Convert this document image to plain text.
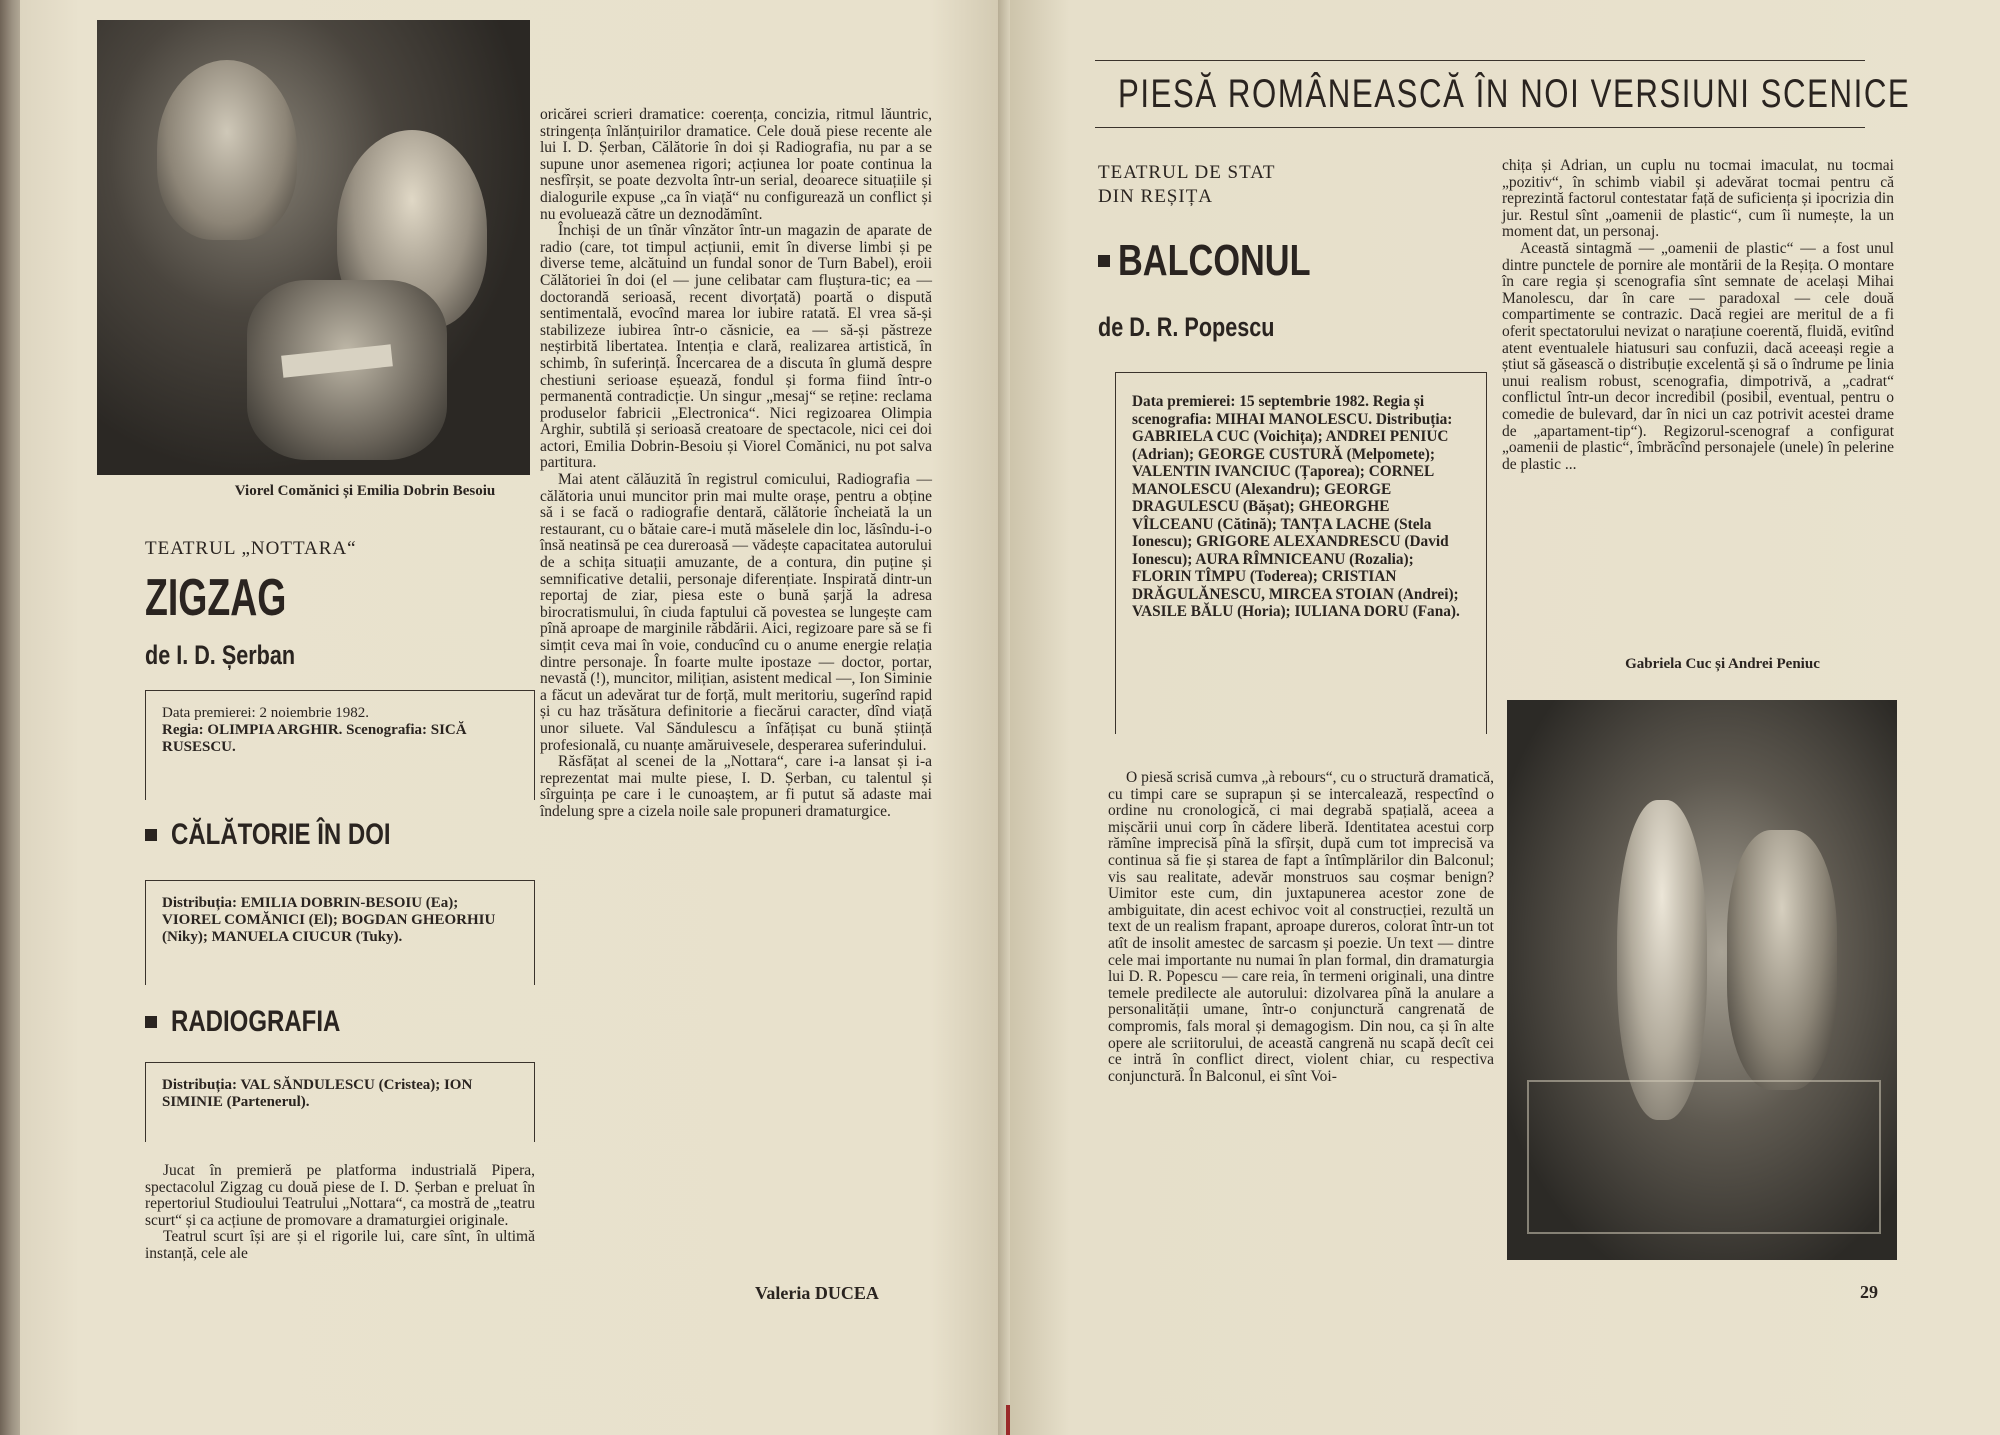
Viorel Comănici și Emilia Dobrin Besoiu
TEATRUL „NOTTARA“
ZIGZAG
de I. D. Șerban
Data premierei: 2 noiembrie 1982.
Regia: OLIMPIA ARGHIR. Scenografia: SICĂ RUSESCU.
CĂLĂTORIE ÎN DOI
Distribuția: EMILIA DOBRIN-BESOIU (Ea); VIOREL COMĂNICI (El); BOGDAN GHEORHIU (Niky); MANUELA CIUCUR (Tuky).
RADIOGRAFIA
Distribuția: VAL SĂNDULESCU (Cristea); ION SIMINIE (Partenerul).

Jucat în premieră pe platforma industrială Pipera, spectacolul Zigzag cu două piese de I. D. Șerban e preluat în repertoriul Studioului Teatrului „Nottara“, ca mostră de „teatru scurt“ și ca acțiune de promovare a dramaturgiei originale.

Teatrul scurt își are și el rigorile lui, care sînt, în ultimă instanță, cele ale

oricărei scrieri dramatice: coerența, concizia, ritmul lăuntric, stringența înlănțuirilor dramatice. Cele două piese recente ale lui I. D. Șerban, Călătorie în doi și Radiografia, nu par a se supune unor asemenea rigori; acțiunea lor poate continua la nesfîrșit, se poate dezvolta într-un serial, deoarece situațiile și dialogurile expuse „ca în viață“ nu configurează un conflict și nu evoluează către un deznodămînt.

Închiși de un tînăr vînzător într-un magazin de aparate de radio (care, tot timpul acțiunii, emit în diverse limbi și pe diverse teme, alcătuind un fundal sonor de Turn Babel), eroii Călătoriei în doi (el — june celibatar cam fluștura-tic; ea — doctorandă serioasă, recent divorțată) poartă o dispută sentimentală, evocînd marea lor iubire ratată. El vrea să-și stabilizeze iubirea într-o căsnicie, ea — să-și păstreze neștirbită libertatea. Intenția e clară, realizarea artistică, în schimb, în suferință. Încercarea de a discuta în glumă despre chestiuni serioase eșuează, fondul și forma fiind într-o permanentă contradicție. Un singur „mesaj“ se reține: reclama produselor fabricii „Electronica“. Nici regizoarea Olimpia Arghir, subtilă și serioasă creatoare de spectacole, nici cei doi actori, Emilia Dobrin-Besoiu și Viorel Comănici, nu pot salva partitura.

Mai atent călăuzită în registrul comicului, Radiografia — călătoria unui muncitor prin mai multe orașe, pentru a obține să i se facă o radiografie dentară, călătorie încheiată la un restaurant, cu o bătaie care-i mută măselele din loc, lăsîndu-i-o însă neatinsă pe cea dureroasă — vădește capacitatea autorului de a schița situații amuzante, de a contura, din puține și semnificative detalii, personaje diferențiate. Inspirată dintr-un reportaj de ziar, piesa este o bună șarjă la adresa birocratismului, în ciuda faptului că povestea se lungește cam pînă aproape de marginile răbdării. Aici, regizoare pare să se fi simțit ceva mai în voie, conducînd cu o anume energie relația dintre personaje. În foarte multe ipostaze — doctor, portar, nevastă (!), muncitor, milițian, asistent medical —, Ion Siminie a făcut un adevărat tur de forță, mult meritoriu, sugerînd rapid și cu haz trăsătura definitorie a fiecărui caracter, dînd viață unor siluete. Val Săndulescu a înfățișat cu bună știință profesională, cu nuanțe amăruivesele, desperarea suferindului.

Răsfățat al scenei de la „Nottara“, care i-a lansat și i-a reprezentat mai multe piese, I. D. Șerban, cu talentul și sîrguința pe care i le cunoaștem, ar fi putut să adaste mai îndelung spre a cizela noile sale propuneri dramaturgice.

Valeria DUCEA
PIESĂ ROMÂNEASCĂ ÎN NOI VERSIUNI SCENICE
TEATRUL DE STAT
DIN REȘIȚA
BALCONUL
de D. R. Popescu
Data premierei: 15 septembrie 1982. Regia și scenografia: MIHAI MANOLESCU. Distribuția: GABRIELA CUC (Voichița); ANDREI PENIUC (Adrian); GEORGE CUSTURĂ (Melpomete); VALENTIN IVANCIUC (Țaporea); CORNEL MANOLESCU (Alexandru); GEORGE DRAGULESCU (Bășat); GHEORGHE VÎLCEANU (Cătină); TANȚA LACHE (Stela Ionescu); GRIGORE ALEXANDRESCU (David Ionescu); AURA RÎMNICEANU (Rozalia); FLORIN TÎMPU (Toderea); CRISTIAN DRĂGULĂNESCU, MIRCEA STOIAN (Andrei); VASILE BĂLU (Horia); IULIANA DORU (Fana).

O piesă scrisă cumva „à rebours“, cu o structură dramatică, cu timpi care se suprapun și se intercalează, respectînd o ordine nu cronologică, ci mai degrabă spațială, aceea a mișcării unui corp în cădere liberă. Identitatea acestui corp rămîne imprecisă pînă la sfîrșit, după cum tot imprecisă va continua să fie și starea de fapt a întîmplărilor din Balconul; vis sau realitate, adevăr monstruos sau coșmar benign? Uimitor este cum, din juxtapunerea acestor zone de ambiguitate, din acest echivoc voit al construcției, rezultă un text de un realism frapant, aproape dureros, colorat într-un tot atît de insolit amestec de sarcasm și poezie. Un text — dintre cele mai importante nu numai în plan formal, din dramaturgia lui D. R. Popescu — care reia, în termeni originali, una dintre temele predilecte ale autorului: dizolvarea pînă la anulare a personalității umane, într-o conjunctură cangrenată de compromis, fals moral și demagogism. Din nou, ca și în alte opere ale scriitorului, de această cangrenă nu scapă decît cei ce intră în conflict direct, violent chiar, cu respectiva conjunctură. În Balconul, ei sînt Voi-

chița și Adrian, un cuplu nu tocmai imaculat, nu tocmai „pozitiv“, în schimb viabil și adevărat tocmai pentru că reprezintă factorul contestatar față de suficiența și ipocrizia din jur. Restul sînt „oamenii de plastic“, cum îi numește, la un moment dat, un personaj.

Această sintagmă — „oamenii de plastic“ — a fost unul dintre punctele de pornire ale montării de la Reșița. O montare în care regia și scenografia sînt semnate de același Mihai Manolescu, dar în care — paradoxal — cele două compartimente se contrazic. Dacă regiei are meritul de a fi oferit spectatorului nevizat o narațiune coerentă, fluidă, evitînd atent eventualele hiatusuri sau confuzii, dacă aceeași regie a știut să găsească o distribuție excelentă și să o îndrume pe linia unui realism robust, scenografia, dimpotrivă, a „cadrat“ conflictul într-un decor incredibil (posibil, eventual, pentru o comedie de bulevard, dar în nici un caz potrivit acestei drame de „apartament-tip“). Regizorul-scenograf a configurat „oamenii de plastic“, îmbrăcînd personajele (unele) în pelerine de plastic ...

Gabriela Cuc și Andrei Peniuc
29
